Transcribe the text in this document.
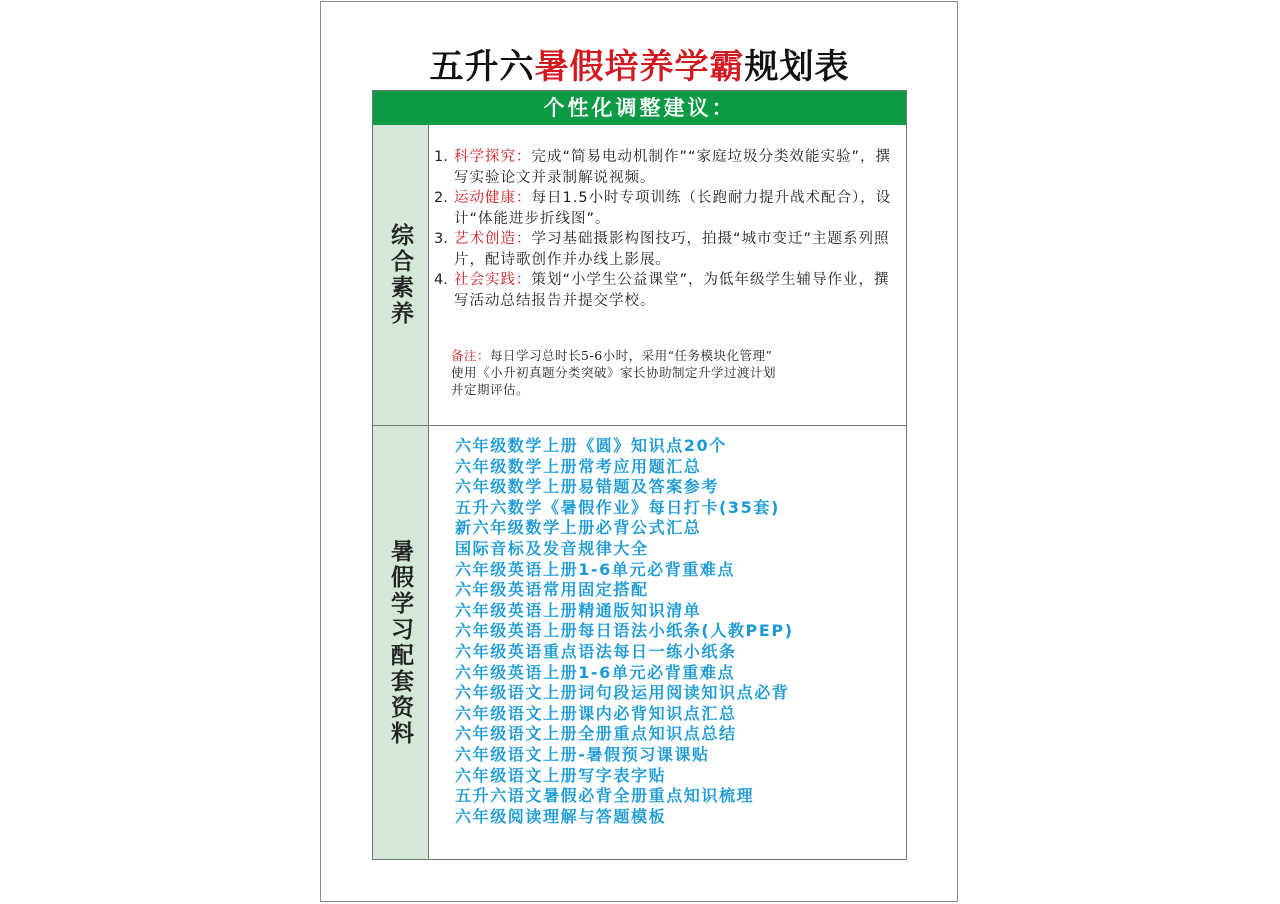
五升六暑假培养学霸规划表
个性化调整建议：
综合素养
1. 科学探究：完成“简易电动机制作”“家庭垃圾分类效能实验”，撰写实验论文并录制解说视频。
2. 运动健康：每日1.5小时专项训练（长跑耐力提升战术配合），设计“体能进步折线图”。
3. 艺术创造：学习基础摄影构图技巧，拍摄“城市变迁”主题系列照片，配诗歌创作并办线上影展。
4. 社会实践：策划“小学生公益课堂”，为低年级学生辅导作业，撰写活动总结报告并提交学校。
备注：每日学习总时长5-6小时，采用“任务模块化管理”
使用《小升初真题分类突破》家长协助制定升学过渡计划
并定期评估。
暑假学习配套资料
六年级数学上册《圆》知识点20个
六年级数学上册常考应用题汇总
六年级数学上册易错题及答案参考
五升六数学《暑假作业》每日打卡(35套)
新六年级数学上册必背公式汇总
国际音标及发音规律大全
六年级英语上册1-6单元必背重难点
六年级英语常用固定搭配
六年级英语上册精通版知识清单
六年级英语上册每日语法小纸条(人教PEP)
六年级英语重点语法每日一练小纸条
六年级英语上册1-6单元必背重难点
六年级语文上册词句段运用阅读知识点必背
六年级语文上册课内必背知识点汇总
六年级语文上册全册重点知识点总结
六年级语文上册-暑假预习课课贴
六年级语文上册写字表字贴
五升六语文暑假必背全册重点知识梳理
六年级阅读理解与答题模板
